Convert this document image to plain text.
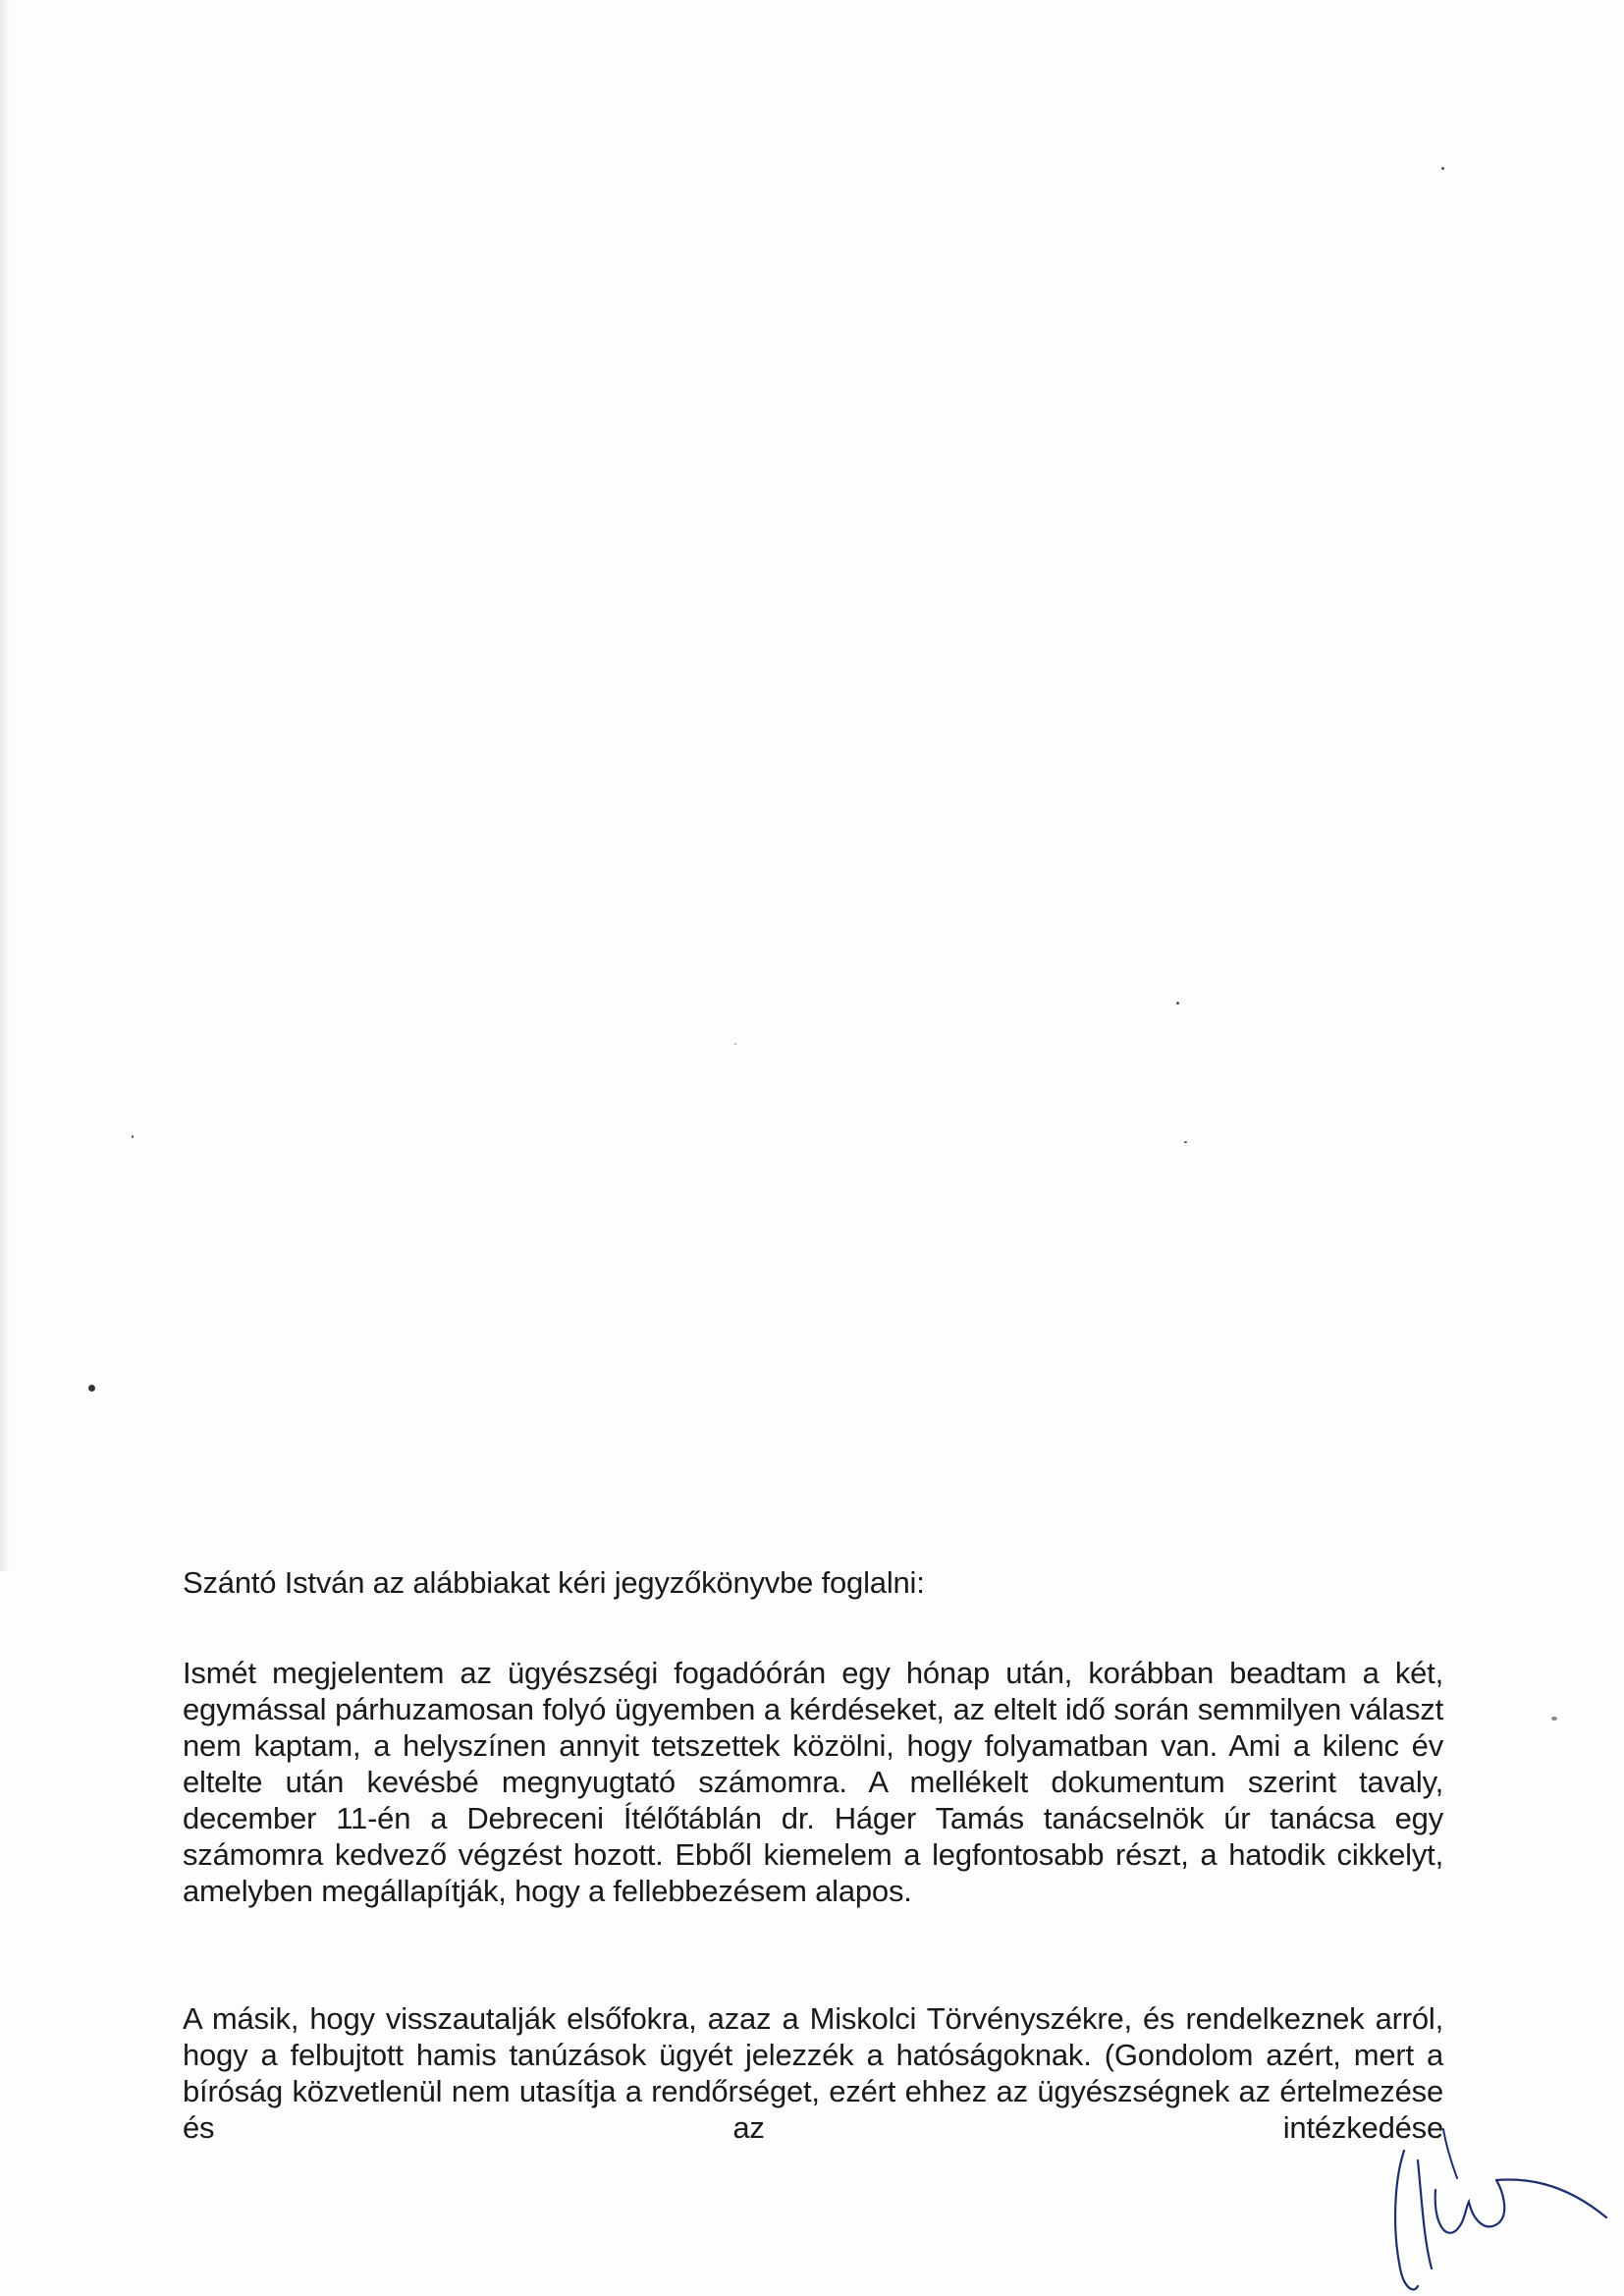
Szántó István az alábbiakat kéri jegyzőkönyvbe foglalni:
Ismét megjelentem az ügyészségi fogadóórán egy hónap után, korábban beadtam a két, egymással párhuzamosan folyó ügyemben a kérdéseket, az eltelt idő során semmilyen választ nem kaptam, a helyszínen annyit tetszettek közölni, hogy folyamatban van. Ami a kilenc év eltelte után kevésbé megnyugtató számomra. A mellékelt dokumentum szerint tavaly, december 11-én a Debreceni Ítélőtáblán dr. Háger Tamás tanácselnök úr tanácsa egy számomra kedvező végzést hozott. Ebből kiemelem a legfontosabb részt, a hatodik cikkelyt, amelyben megállapítják, hogy a fellebbezésem alapos.
A másik, hogy visszautalják elsőfokra, azaz a Miskolci Törvényszékre, és rendelkeznek arról, hogy a felbujtott hamis tanúzások ügyét jelezzék a hatóságoknak. (Gondolom azért, mert a bíróság közvetlenül nem utasítja a rendőrséget, ezért ehhez az ügyészségnek az értelmezése és az intézkedése
